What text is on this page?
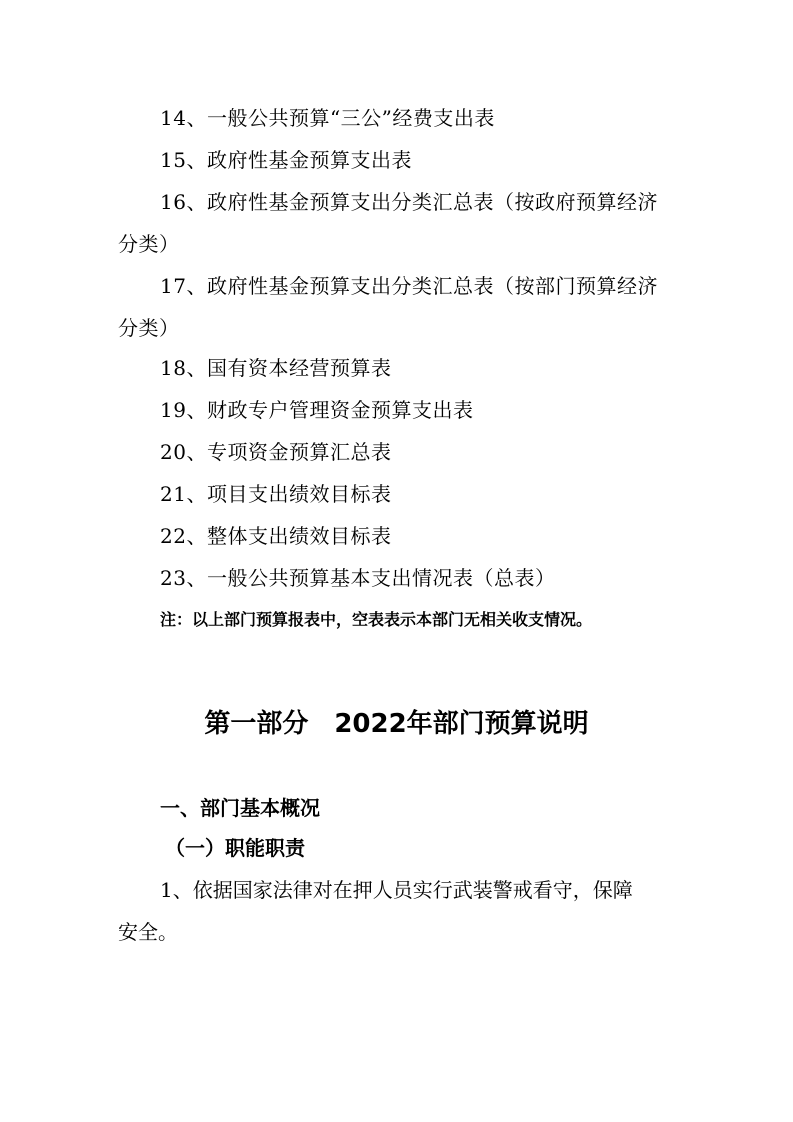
14、一般公共预算“三公”经费支出表

15、政府性基金预算支出表

16、政府性基金预算支出分类汇总表（按政府预算经济

分类）

17、政府性基金预算支出分类汇总表（按部门预算经济

分类）

18、国有资本经营预算表

19、财政专户管理资金预算支出表

20、专项资金预算汇总表

21、项目支出绩效目标表

22、整体支出绩效目标表

23、一般公共预算基本支出情况表（总表）

注：以上部门预算报表中，空表表示本部门无相关收支情况。

第一部分　2022年部门预算说明
一、部门基本概况
（一）职能职责

1、依据国家法律对在押人员实行武装警戒看守，保障

安全。
